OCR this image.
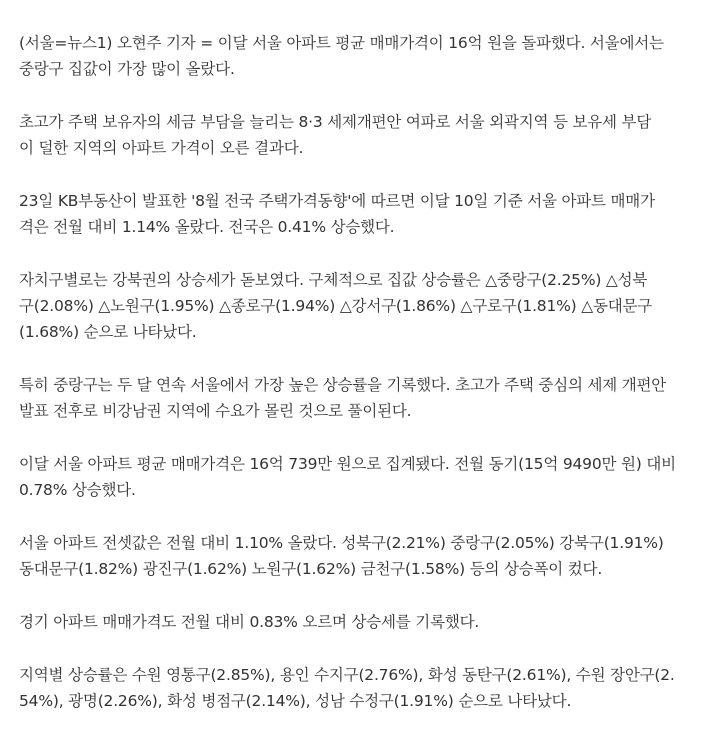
(서울=뉴스1) 오현주 기자 = 이달 서울 아파트 평균 매매가격이 16억 원을 돌파했다. 서울에서는
중랑구 집값이 가장 많이 올랐다.

초고가 주택 보유자의 세금 부담을 늘리는 8·3 세제개편안 여파로 서울 외곽지역 등 보유세 부담
이 덜한 지역의 아파트 가격이 오른 결과다.

23일 KB부동산이 발표한 '8월 전국 주택가격동향'에 따르면 이달 10일 기준 서울 아파트 매매가
격은 전월 대비 1.14% 올랐다. 전국은 0.41% 상승했다.

자치구별로는 강북권의 상승세가 돋보였다. 구체적으로 집값 상승률은 △중랑구(2.25%) △성북
구(2.08%) △노원구(1.95%) △종로구(1.94%) △강서구(1.86%) △구로구(1.81%) △동대문구
(1.68%) 순으로 나타났다.

특히 중랑구는 두 달 연속 서울에서 가장 높은 상승률을 기록했다. 초고가 주택 중심의 세제 개편안
발표 전후로 비강남권 지역에 수요가 몰린 것으로 풀이된다.

이달 서울 아파트 평균 매매가격은 16억 739만 원으로 집계됐다. 전월 동기(15억 9490만 원) 대비
0.78% 상승했다.

서울 아파트 전셋값은 전월 대비 1.10% 올랐다. 성북구(2.21%) 중랑구(2.05%) 강북구(1.91%)
동대문구(1.82%) 광진구(1.62%) 노원구(1.62%) 금천구(1.58%) 등의 상승폭이 컸다.

경기 아파트 매매가격도 전월 대비 0.83% 오르며 상승세를 기록했다.

지역별 상승률은 수원 영통구(2.85%), 용인 수지구(2.76%), 화성 동탄구(2.61%), 수원 장안구(2.
54%), 광명(2.26%), 화성 병점구(2.14%), 성남 수정구(1.91%) 순으로 나타났다.
